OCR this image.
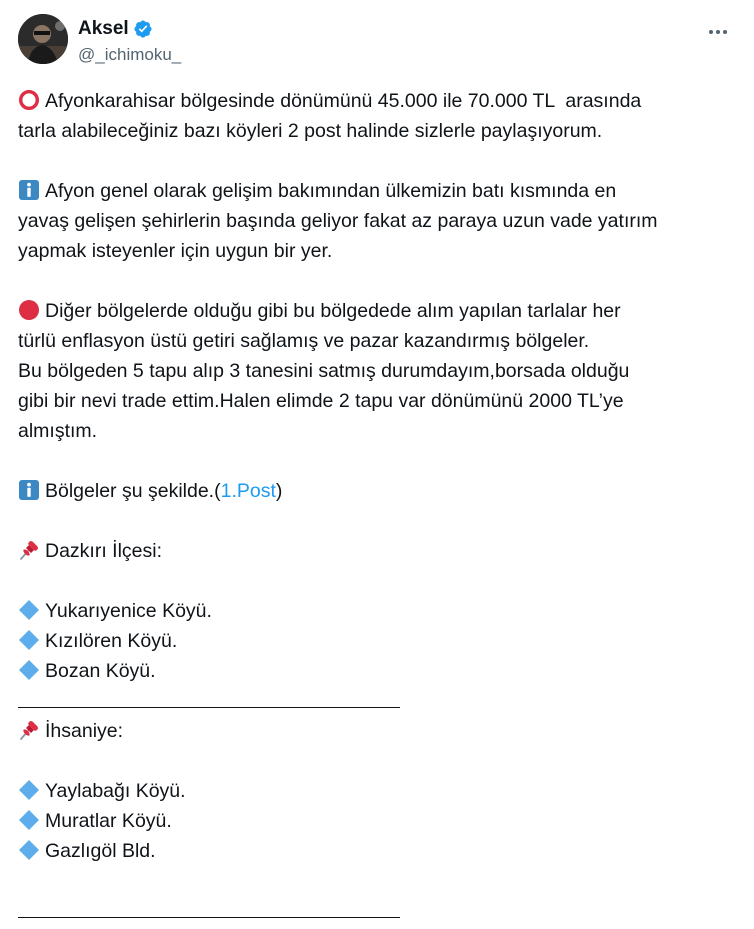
Aksel
@_ichimoku_
Afyonkarahisar bölgesinde dönümünü 45.000 ile 70.000 TL  arasında
tarla alabileceğiniz bazı köyleri 2 post halinde sizlerle paylaşıyorum.
Afyon genel olarak gelişim bakımından ülkemizin batı kısmında en
yavaş gelişen şehirlerin başında geliyor fakat az paraya uzun vade yatırım
yapmak isteyenler için uygun bir yer.
Diğer bölgelerde olduğu gibi bu bölgedede alım yapılan tarlalar her
türlü enflasyon üstü getiri sağlamış ve pazar kazandırmış bölgeler.
Bu bölgeden 5 tapu alıp 3 tanesini satmış durumdayım,borsada olduğu
gibi bir nevi trade ettim.Halen elimde 2 tapu var dönümünü 2000 TL’ye
almıştım.
Bölgeler şu şekilde.(1.Post)
Dazkırı İlçesi:
Yukarıyenice Köyü.
Kızılören Köyü.
Bozan Köyü.
İhsaniye:
Yaylabağı Köyü.
Muratlar Köyü.
Gazlıgöl Bld.
